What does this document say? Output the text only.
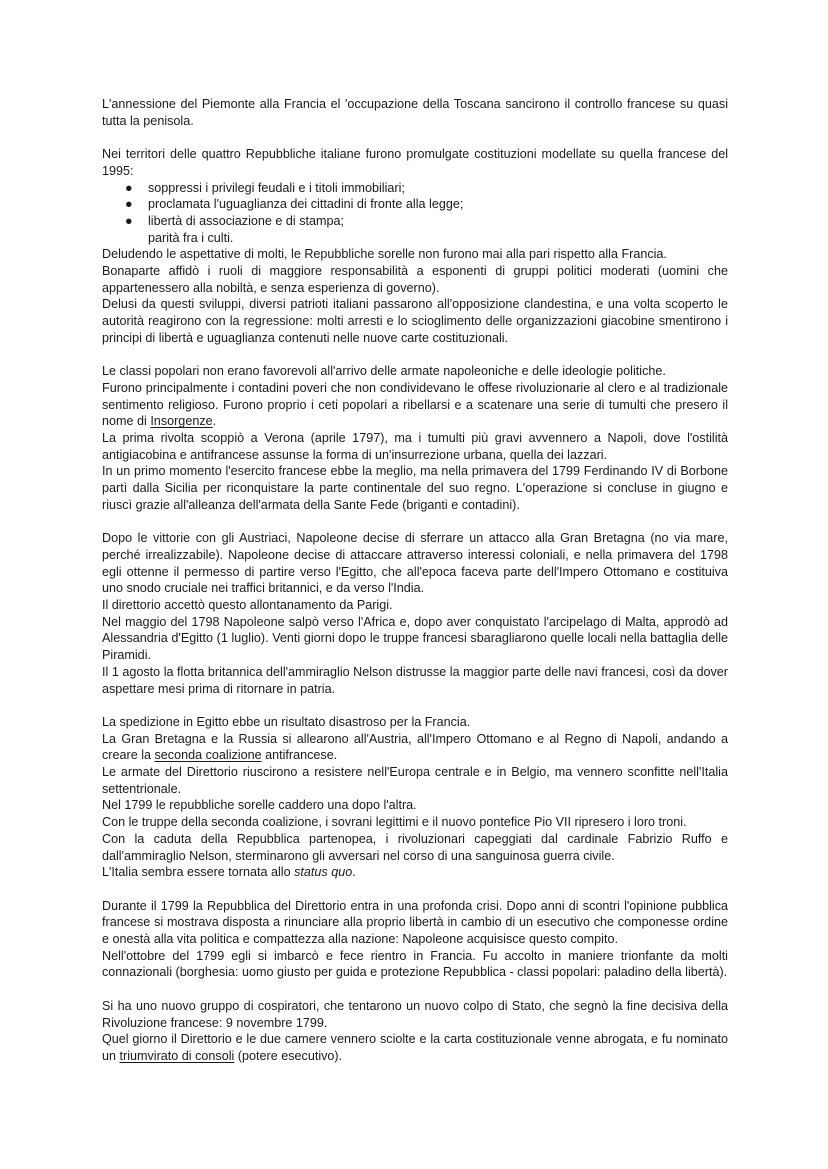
L'annessione del Piemonte alla Francia el 'occupazione della Toscana sancirono il controllo francese su quasi tutta la penisola.

Nei territori delle quattro Repubbliche italiane furono promulgate costituzioni modellate su quella francese del 1995:

● soppressi i privilegi feudali e i titoli immobiliari;
● proclamata l'uguaglianza dei cittadini di fronte alla legge;
● libertà di associazione e di stampa;

parità fra i culti.

Deludendo le aspettative di molti, le Repubbliche sorelle non furono mai alla pari rispetto alla Francia.

Bonaparte affidò i ruoli di maggiore responsabilità a esponenti di gruppi politici moderati (uomini che appartenessero alla nobiltà, e senza esperienza di governo).

Delusi da questi sviluppi, diversi patrioti italiani passarono all'opposizione clandestina, e una volta scoperto le autorità reagirono con la regressione: molti arresti e lo scioglimento delle organizzazioni giacobine smentirono i principi di libertà e uguaglianza contenuti nelle nuove carte costituzionali.

Le classi popolari non erano favorevoli all'arrivo delle armate napoleoniche e delle ideologie politiche.

Furono principalmente i contadini poveri che non condividevano le offese rivoluzionarie al clero e al tradizionale sentimento religioso. Furono proprio i ceti popolari a ribellarsi e a scatenare una serie di tumulti che presero il nome di Insorgenze.

La prima rivolta scoppiò a Verona (aprile 1797), ma i tumulti più gravi avvennero a Napoli, dove l'ostilità antigiacobina e antifrancese assunse la forma di un'insurrezione urbana, quella dei lazzari.

In un primo momento l'esercito francese ebbe la meglio, ma nella primavera del 1799 Ferdinando IV di Borbone partì dalla Sicilia per riconquistare la parte continentale del suo regno. L'operazione si concluse in giugno e riuscì grazie all'alleanza dell'armata della Sante Fede (briganti e contadini).

Dopo le vittorie con gli Austriaci, Napoleone decise di sferrare un attacco alla Gran Bretagna (no via mare, perché irrealizzabile). Napoleone decise di attaccare attraverso interessi coloniali, e nella primavera del 1798 egli ottenne il permesso di partire verso l'Egitto, che all'epoca faceva parte dell'Impero Ottomano e costituiva uno snodo cruciale nei traffici britannici, e da verso l'India.

Il direttorio accettò questo allontanamento da Parigi.

Nel maggio del 1798 Napoleone salpò verso l'Africa e, dopo aver conquistato l'arcipelago di Malta, approdò ad Alessandria d'Egitto (1 luglio). Venti giorni dopo le truppe francesi sbaragliarono quelle locali nella battaglia delle Piramidi.

Il 1 agosto la flotta britannica dell'ammiraglio Nelson distrusse la maggior parte delle navi francesi, così da dover aspettare mesi prima di ritornare in patria.

La spedizione in Egitto ebbe un risultato disastroso per la Francia.

La Gran Bretagna e la Russia si allearono all'Austria, all'Impero Ottomano e al Regno di Napoli, andando a creare la seconda coalizione antifrancese.

Le armate del Direttorio riuscirono a resistere nell'Europa centrale e in Belgio, ma vennero sconfitte nell'Italia settentrionale.

Nel 1799 le repubbliche sorelle caddero una dopo l'altra.

Con le truppe della seconda coalizione, i sovrani legittimi e il nuovo pontefice Pio VII ripresero i loro troni.

Con la caduta della Repubblica partenopea, i rivoluzionari capeggiati dal cardinale Fabrizio Ruffo e dall'ammiraglio Nelson, sterminarono gli avversari nel corso di una sanguinosa guerra civile.

L'Italia sembra essere tornata allo status quo.

Durante il 1799 la Repubblica del Direttorio entra in una profonda crisi. Dopo anni di scontri l'opinione pubblica francese si mostrava disposta a rinunciare alla proprio libertà in cambio di un esecutivo che componesse ordine e onestà alla vita politica e compattezza alla nazione: Napoleone acquisisce questo compito.

Nell'ottobre del 1799 egli si imbarcò e fece rientro in Francia. Fu accolto in maniere trionfante da molti connazionali (borghesia: uomo giusto per guida e protezione Repubblica - classi popolari: paladino della libertà).

Si ha uno nuovo gruppo di cospiratori, che tentarono un nuovo colpo di Stato, che segnò la fine decisiva della Rivoluzione francese: 9 novembre 1799.

Quel giorno il Direttorio e le due camere vennero sciolte e la carta costituzionale venne abrogata, e fu nominato un triumvirato di consoli (potere esecutivo).
